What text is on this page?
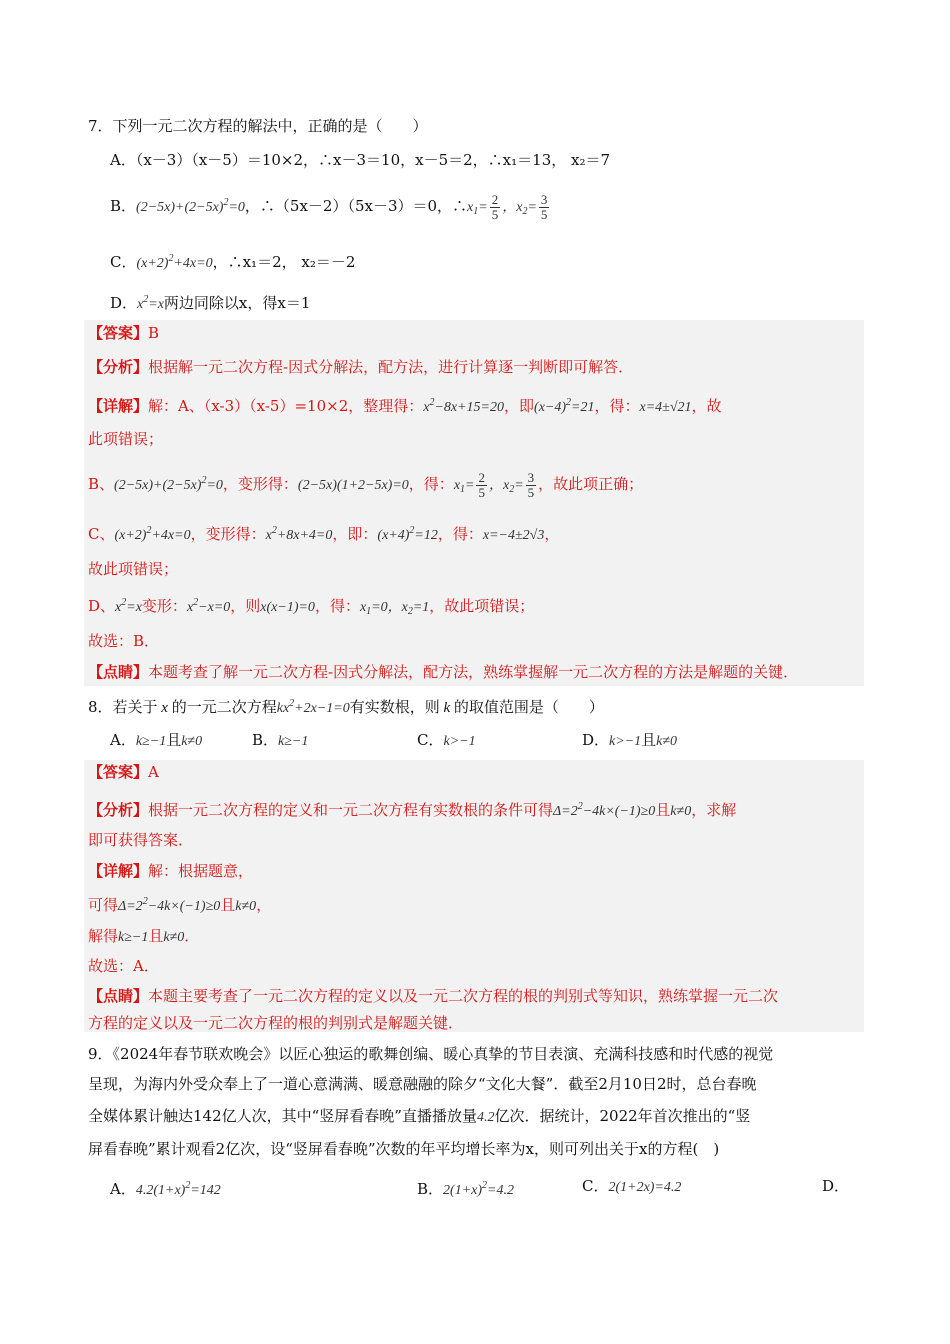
7．下列一元二次方程的解法中，正确的是（　　）
A．（x－3）（x－5）＝10×2，∴x－3＝10，x－5＝2，∴x₁＝13， x₂＝7
B．$(2-5x)+(2-5x)^2=0$，∴（5x－2）（5x－3）＝0，$\therefore x_1= \frac{2}{5}$ ，$x_2= \frac{3}{5}$
C．$(x+2)^2+4x=0$，∴x₁＝2， x₂＝－2
D．$x^2=x$两边同除以x，得x＝1
【答案】B
【分析】根据解一元二次方程-因式分解法，配方法，进行计算逐一判断即可解答．
【详解】解：A、（x-3）（x-5）=10×2，整理得：$x^2-8x+15=20$，即$(x-4)^2=21$，得：x=4±√21，故
此项错误；
B、$(2-5x)+(2-5x)^2=0$，变形得：(2−5x)(1+2−5x)=0，得：$x_1= \frac{2}{5}$ ，$x_2= \frac{3}{5}$ ，故此项正确；
C、$(x+2)^2+4x=0$，变形得：$x^2+8x+4=0$，即：$(x+4)^2=12$，得：x=−4±2√3，
故此项错误；
D、$x^2=x$变形：$x^2-x=0$，则x(x−1)=0，得：$x_1=0$，$x_2=1$，故此项错误；
故选：B．
【点睛】本题考查了解一元二次方程-因式分解法，配方法，熟练掌握解一元二次方程的方法是解题的关键．
8．若关于 x 的一元二次方程$kx^2+2x-1=0$有实数根，则 k 的取值范围是（　　）
A．k≥−1且k≠0	B．k≥−1	C．k>−1	D．k>−1且k≠0
【答案】A
【分析】根据一元二次方程的定义和一元二次方程有实数根的条件可得$\Delta=2^2-4k\times(-1)\ge 0$且k≠0，求解
即可获得答案．
【详解】解：根据题意，
可得$\Delta=2^2-4k\times(-1)\ge 0$且k≠0，
解得k≥−1且k≠0．
故选：A．
【点睛】本题主要考查了一元二次方程的定义以及一元二次方程的根的判别式等知识，熟练掌握一元二次
方程的定义以及一元二次方程的根的判别式是解题关键．
9．《2024年春节联欢晚会》以匠心独运的歌舞创编、暖心真挚的节目表演、充满科技感和时代感的视觉
呈现，为海内外受众奉上了一道心意满满、暖意融融的除夕“文化大餐”．截至2月10日2时，总台春晚
全媒体累计触达142亿人次，其中“竖屏看春晚”直播播放量4.2亿次．据统计，2022年首次推出的“竖
屏看春晚”累计观看2亿次，设“竖屏看春晚”次数的年平均增长率为x，则可列出关于x的方程(　)
A．$4.2(1+x)^2=142$	B．$2(1+x)^2=4.2$	C．2(1+2x)=4.2	D．
